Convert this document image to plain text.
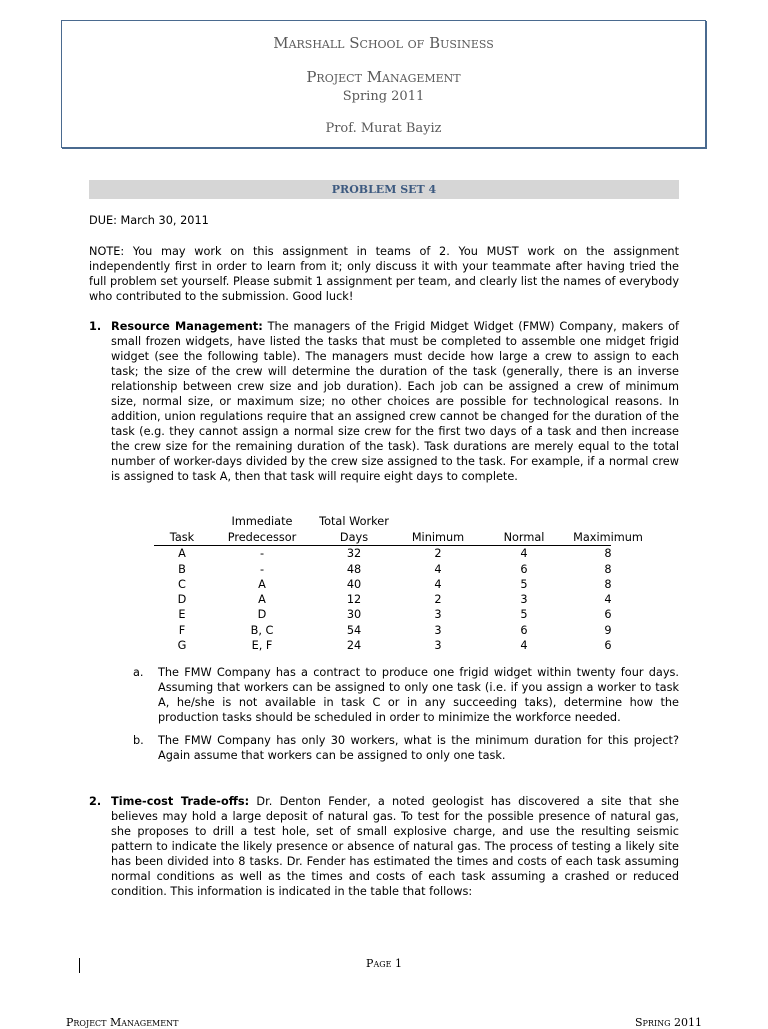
Marshall School of Business
Project Management
Spring 2011
Prof. Murat Bayiz
PROBLEM SET 4
DUE: March 30, 2011
NOTE: You may work on this assignment in teams of 2. You MUST work on the assignment independently first in order to learn from it; only discuss it with your teammate after having tried the full problem set yourself. Please submit 1 assignment per team, and clearly list the names of everybody who contributed to the submission. Good luck!
1. Resource Management: The managers of the Frigid Midget Widget (FMW) Company, makers of small frozen widgets, have listed the tasks that must be completed to assemble one midget frigid widget (see the following table). The managers must decide how large a crew to assign to each task; the size of the crew will determine the duration of the task (generally, there is an inverse relationship between crew size and job duration). Each job can be assigned a crew of minimum size, normal size, or maximum size; no other choices are possible for technological reasons. In addition, union regulations require that an assigned crew cannot be changed for the duration of the task (e.g. they cannot assign a normal size crew for the first two days of a task and then increase the crew size for the remaining duration of the task). Task durations are merely equal to the total number of worker-days divided by the crew size assigned to the task. For example, if a normal crew is assigned to task A, then that task will require eight days to complete.
Immediate	Total Worker
Task	Predecessor	Days	Minimum	Normal	Maximimum
A	-	32	2	4	8
B	-	48	4	6	8
C	A	40	4	5	8
D	A	12	2	3	4
E	D	30	3	5	6
F	B, C	54	3	6	9
G	E, F	24	3	4	6
a. The FMW Company has a contract to produce one frigid widget within twenty four days. Assuming that workers can be assigned to only one task (i.e. if you assign a worker to task A, he/she is not available in task C or in any succeeding taks), determine how the production tasks should be scheduled in order to minimize the workforce needed.
b. The FMW Company has only 30 workers, what is the minimum duration for this project? Again assume that workers can be assigned to only one task.
2. Time-cost Trade-offs: Dr. Denton Fender, a noted geologist has discovered a site that she believes may hold a large deposit of natural gas. To test for the possible presence of natural gas, she proposes to drill a test hole, set of small explosive charge, and use the resulting seismic pattern to indicate the likely presence or absence of natural gas. The process of testing a likely site has been divided into 8 tasks. Dr. Fender has estimated the times and costs of each task assuming normal conditions as well as the times and costs of each task assuming a crashed or reduced condition. This information is indicated in the table that follows:
Page 1
Project Management	Spring 2011
